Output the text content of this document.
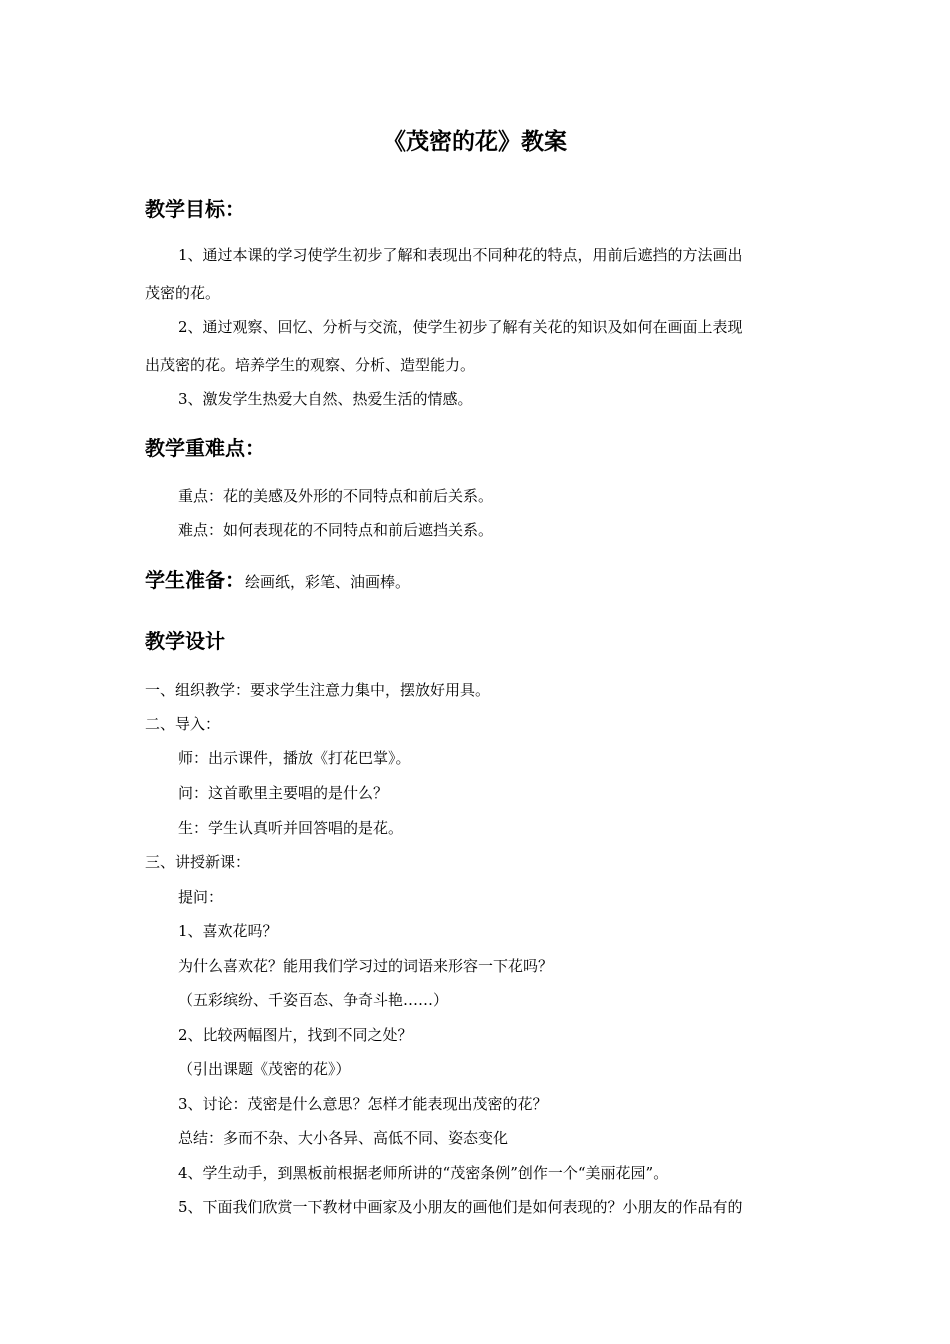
《茂密的花》教案
教学目标：
1、通过本课的学习使学生初步了解和表现出不同种花的特点，用前后遮挡的方法画出
茂密的花。
2、通过观察、回忆、分析与交流，使学生初步了解有关花的知识及如何在画面上表现
出茂密的花。培养学生的观察、分析、造型能力。
3、激发学生热爱大自然、热爱生活的情感。
教学重难点：
重点：花的美感及外形的不同特点和前后关系。
难点：如何表现花的不同特点和前后遮挡关系。
学生准备：绘画纸，彩笔、油画棒。
教学设计
一、组织教学：要求学生注意力集中，摆放好用具。
二、导入：
师：出示课件，播放《打花巴掌》。
问：这首歌里主要唱的是什么？
生：学生认真听并回答唱的是花。
三、讲授新课：
提问：
1、喜欢花吗？
为什么喜欢花？能用我们学习过的词语来形容一下花吗？
（五彩缤纷、千姿百态、争奇斗艳……）
2、比较两幅图片，找到不同之处？
（引出课题《茂密的花》）
3、讨论：茂密是什么意思？怎样才能表现出茂密的花？
总结：多而不杂、大小各异、高低不同、姿态变化
4、学生动手，到黑板前根据老师所讲的“茂密条例”创作一个“美丽花园”。
5、下面我们欣赏一下教材中画家及小朋友的画他们是如何表现的？小朋友的作品有的
